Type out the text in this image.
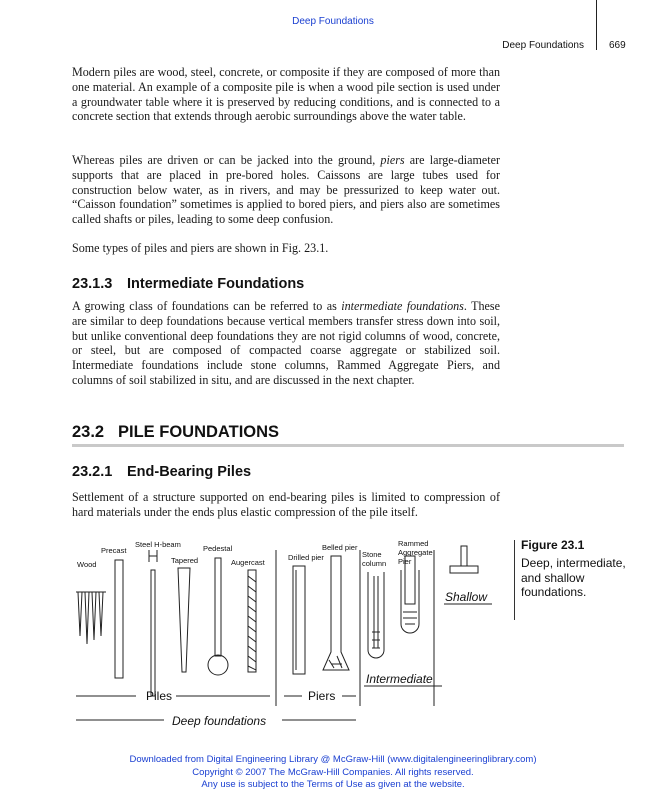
Deep Foundations
Deep Foundations	669

Modern piles are wood, steel, concrete, or composite if they are composed of more than one material. An example of a composite pile is when a wood pile section is used under a groundwater table where it is preserved by reducing conditions, and is connected to a concrete section that extends through aerobic surroundings above the water table.

Whereas piles are driven or can be jacked into the ground, piers are large-diameter supports that are placed in pre-bored holes. Caissons are large tubes used for construction below water, as in rivers, and may be pressurized to keep water out. “Caisson foundation” sometimes is applied to bored piers, and piers also are sometimes called shafts or piles, leading to some deep confusion.

Some types of piles and piers are shown in Fig. 23.1.

23.1.3 Intermediate Foundations

A growing class of foundations can be referred to as intermediate foundations. These are similar to deep foundations because vertical members transfer stress down into soil, but unlike conventional deep foundations they are not rigid columns of wood, concrete, or steel, but are composed of compacted coarse aggregate or stabilized soil. Intermediate foundations include stone columns, Rammed Aggregate Piers, and columns of soil stabilized in situ, and are discussed in the next chapter.

23.2 PILE FOUNDATIONS
23.2.1 End-Bearing Piles

Settlement of a structure supported on end-bearing piles is limited to compression of hard materials under the ends plus elastic compression of the pile itself.

Wood
Precast
Steel H-beam
Tapered
Pedestal
Augercast
Drilled pier
Belled pier
Stone
column
Rammed
Aggregate
Pier
Shallow
Intermediate
Deep foundations
Piles	Piers
Figure 23.1
Deep, intermediate, and shallow foundations.
Downloaded from Digital Engineering Library @ McGraw-Hill (www.digitalengineeringlibrary.com)
Copyright © 2007 The McGraw-Hill Companies. All rights reserved.
Any use is subject to the Terms of Use as given at the website.
